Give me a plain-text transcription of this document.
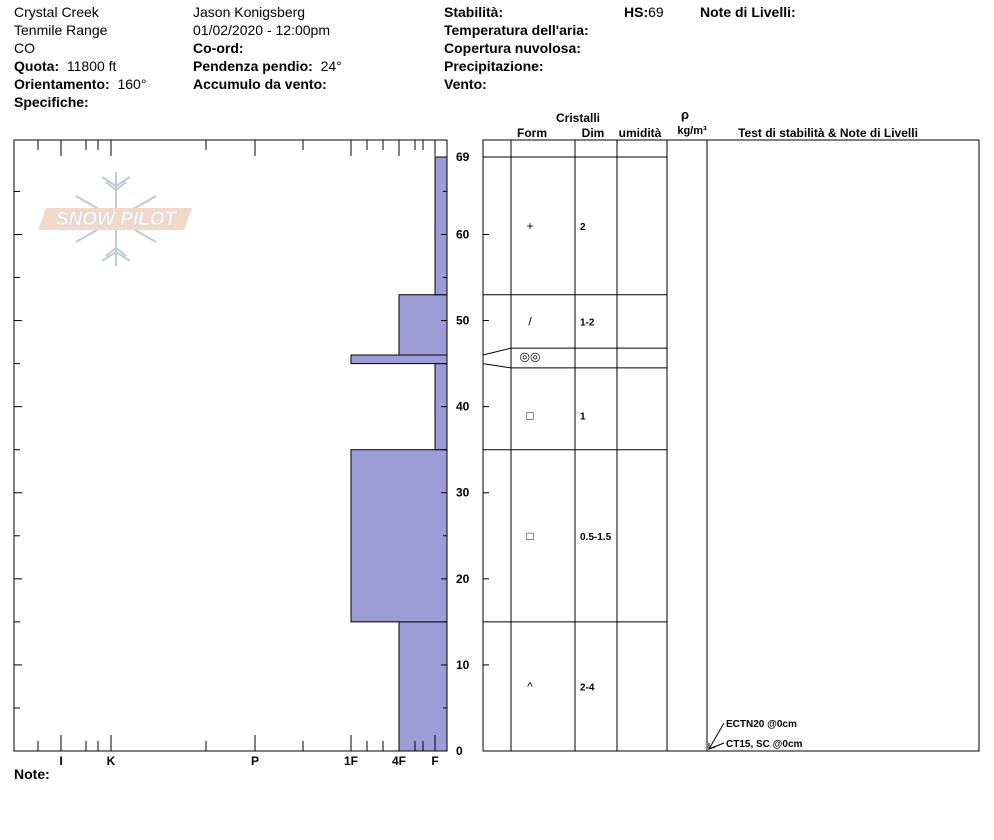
Crystal Creek
Tenmile Range
CO
Quota: 11800 ft
Orientamento: 160°
Specifiche:
Jason Konigsberg
01/02/2020 - 12:00pm
Co-ord:
Pendenza pendio: 24°
Accumulo da vento:
Stabilità:
Temperatura dell'aria:
Copertura nuvolosa:
Precipitazione:
Vento:
HS:69	Note di Livelli:
Note:
SNOW PILOT
I	K	P	1F	4F F
0
10
20
30
40
50
60
69
Cristalli
Form	Dim umidità
ρ
kg/m³	Test di stabilità & Note di Livelli
^	2-4
□	0.5-1.5
□	1
◎◎
+	2
/	1-2
ECTN20 @0cm
CT15, SC @0cm
